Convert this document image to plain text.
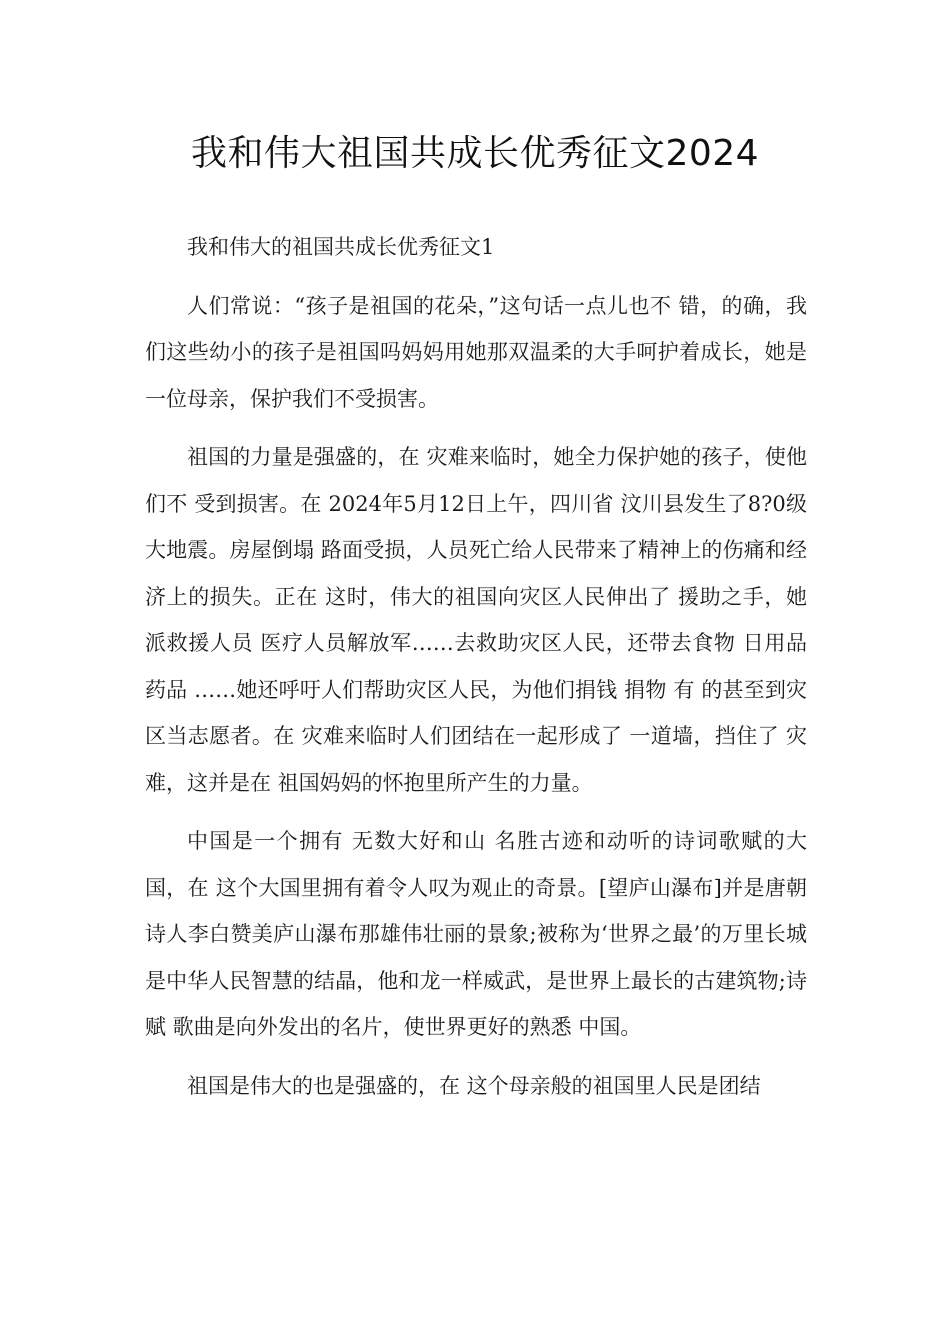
我和伟大祖国共成长优秀征文2024

我和伟大的祖国共成长优秀征文1

人们常说：“孩子是祖国的花朵，”这句话一点儿也不 错，的确，我们这些幼小的孩子是祖国吗妈妈用她那双温柔的大手呵护着成长，她是一位母亲，保护我们不受损害。

祖国的力量是强盛的，在 灾难来临时，她全力保护她的孩子，使他们不 受到损害。在 2024年5月12日上午，四川省 汶川县发生了8?0级大地震。房屋倒塌 路面受损，人员死亡给人民带来了精神上的伤痛和经济上的损失。正在 这时，伟大的祖国向灾区人民伸出了 援助之手，她派救援人员 医疗人员解放军……去救助灾区人民，还带去食物 日用品 药品 ……她还呼吁人们帮助灾区人民，为他们捐钱 捐物 有 的甚至到灾区当志愿者。在 灾难来临时人们团结在一起形成了 一道墙，挡住了 灾难，这并是在 祖国妈妈的怀抱里所产生的力量。

中国是一个拥有 无数大好和山 名胜古迹和动听的诗词歌赋的大国，在 这个大国里拥有着令人叹为观止的奇景。[望庐山瀑布]并是唐朝诗人李白赞美庐山瀑布那雄伟壮丽的景象;被称为‘世界之最’的万里长城是中华人民智慧的结晶，他和龙一样威武，是世界上最长的古建筑物;诗赋 歌曲是向外发出的名片，使世界更好的熟悉 中国。

祖国是伟大的也是强盛的，在 这个母亲般的祖国里人民是团结
